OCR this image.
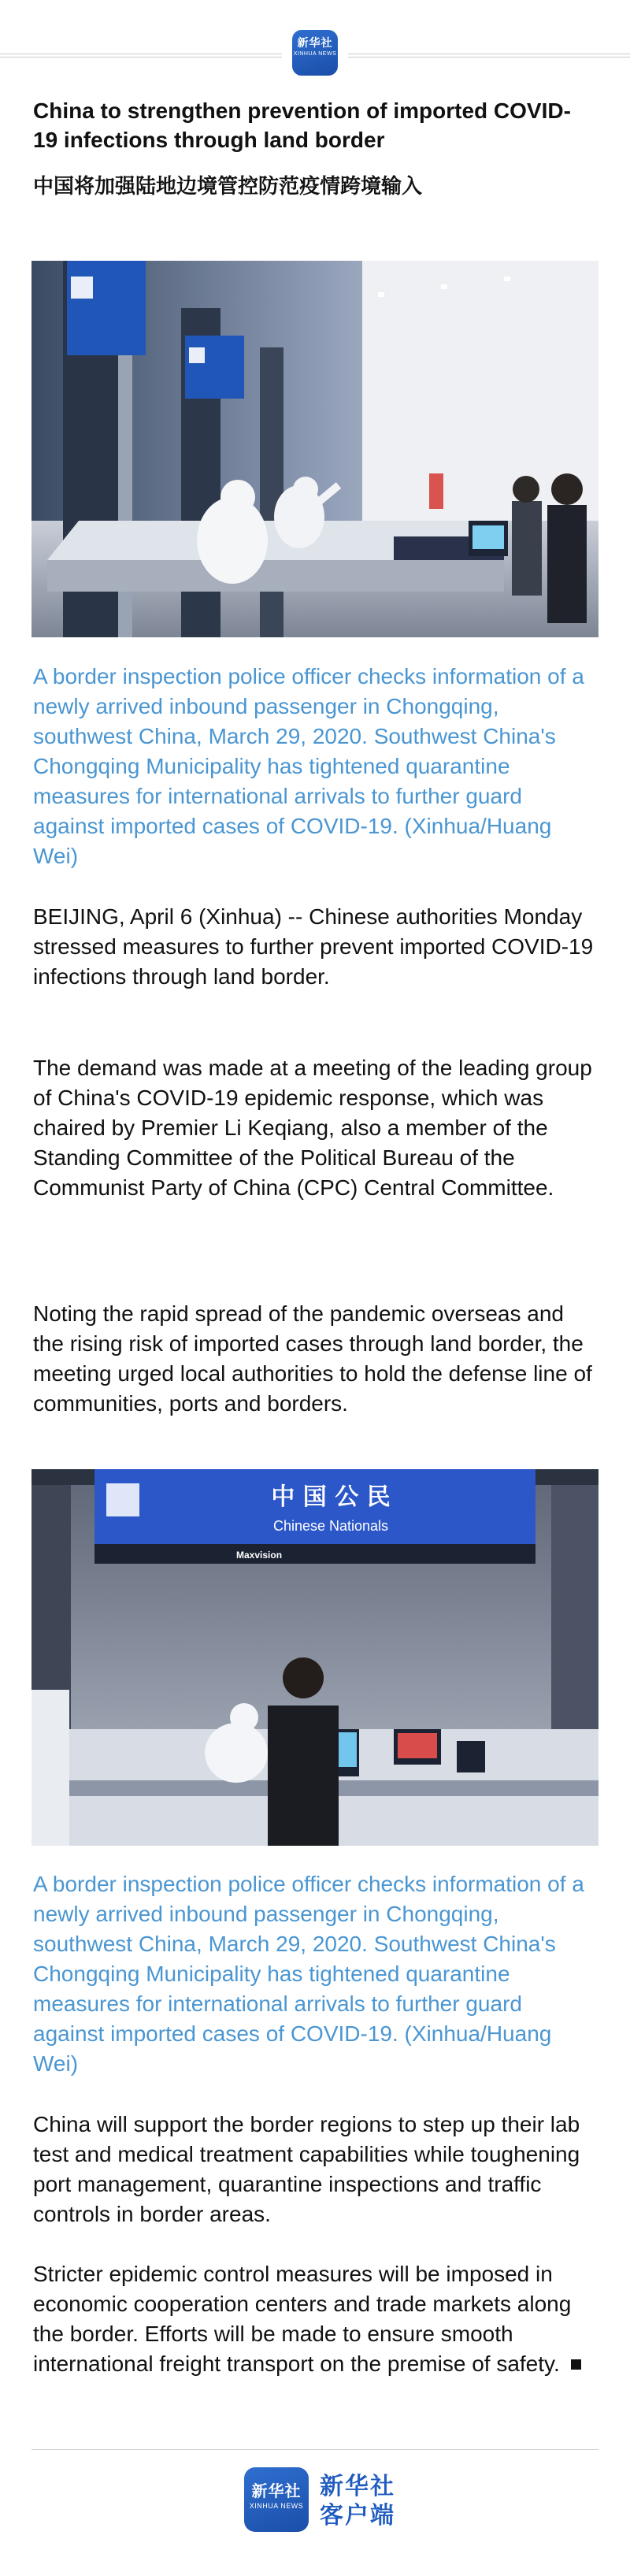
新华社
XINHUA NEWS
China to strengthen prevention of imported COVID-19 infections through land border
中国将加强陆地边境管控防范疫情跨境输入

A border inspection police officer checks information of a newly arrived inbound passenger in Chongqing, southwest China, March 29, 2020. Southwest China's Chongqing Municipality has tightened quarantine measures for international arrivals to further guard against imported cases of COVID-19. (Xinhua/Huang Wei)

BEIJING, April 6 (Xinhua) -- Chinese authorities Monday stressed measures to further prevent imported COVID-19 infections through land border.

The demand was made at a meeting of the leading group of China's COVID-19 epidemic response, which was chaired by Premier Li Keqiang, also a member of the Standing Committee of the Political Bureau of the Communist Party of China (CPC) Central Committee.

Noting the rapid spread of the pandemic overseas and the rising risk of imported cases through land border, the meeting urged local authorities to hold the defense line of communities, ports and borders.

中 国 公 民
Chinese Nationals
Maxvision

A border inspection police officer checks information of a newly arrived inbound passenger in Chongqing, southwest China, March 29, 2020. Southwest China's Chongqing Municipality has tightened quarantine measures for international arrivals to further guard against imported cases of COVID-19. (Xinhua/Huang Wei)

China will support the border regions to step up their lab test and medical treatment capabilities while toughening port management, quarantine inspections and traffic controls in border areas.

Stricter epidemic control measures will be imposed in economic cooperation centers and trade markets along the border. Efforts will be made to ensure smooth international freight transport on the premise of safety.

新华社
XINHUA NEWS
新华社
客户端
